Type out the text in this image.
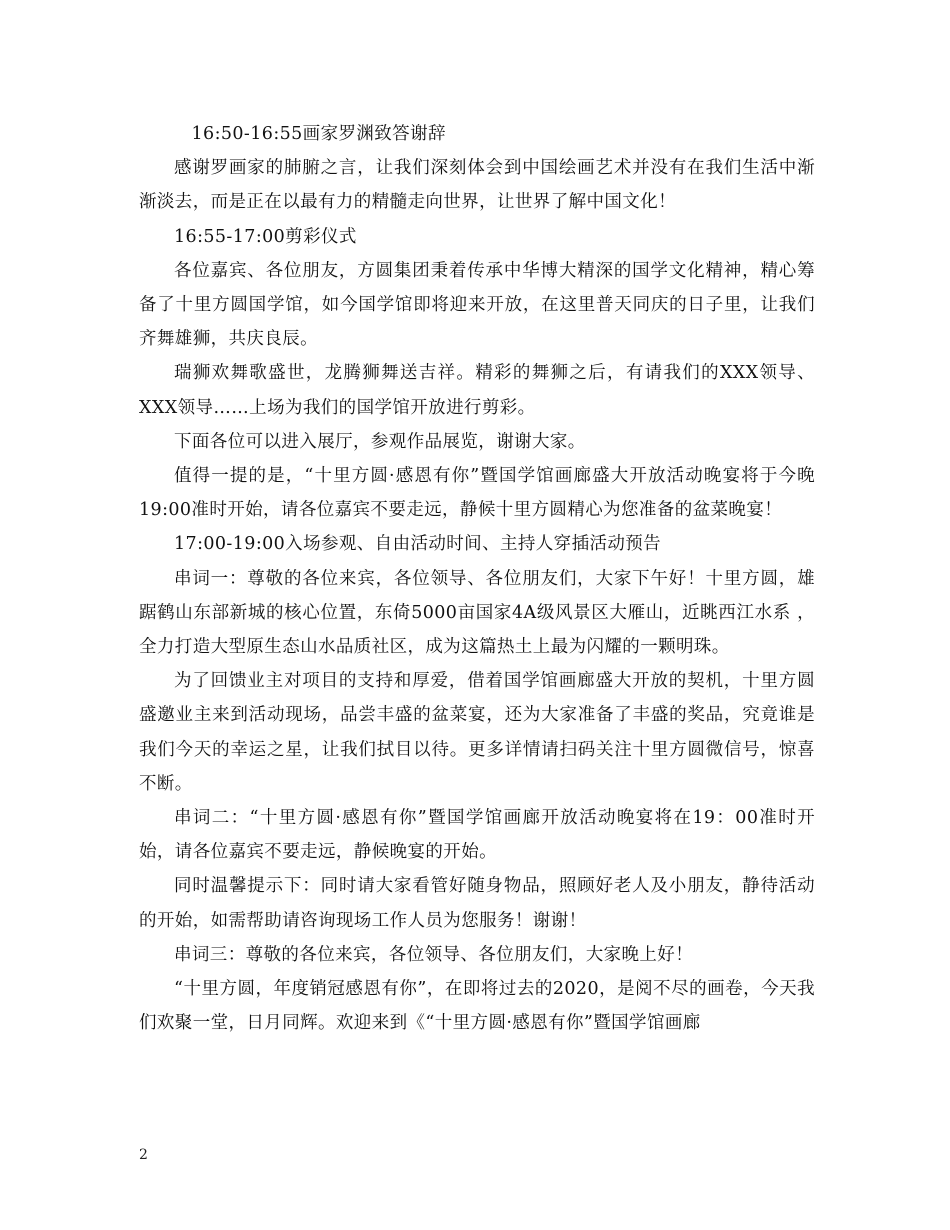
16:50-16:55画家罗渊致答谢辞

感谢罗画家的肺腑之言，让我们深刻体会到中国绘画艺术并没有在我们生活中渐渐淡去，而是正在以最有力的精髓走向世界，让世界了解中国文化！

16:55-17:00剪彩仪式

各位嘉宾、各位朋友，方圆集团秉着传承中华博大精深的国学文化精神，精心筹备了十里方圆国学馆，如今国学馆即将迎来开放，在这里普天同庆的日子里，让我们齐舞雄狮，共庆良辰。

瑞狮欢舞歌盛世，龙腾狮舞送吉祥。精彩的舞狮之后，有请我们的XXX领导、XXX领导……上场为我们的国学馆开放进行剪彩。

下面各位可以进入展厅，参观作品展览，谢谢大家。

值得一提的是，“十里方圆·感恩有你”暨国学馆画廊盛大开放活动晚宴将于今晚19:00准时开始，请各位嘉宾不要走远，静候十里方圆精心为您准备的盆菜晚宴！

17:00-19:00入场参观、自由活动时间、主持人穿插活动预告

串词一：尊敬的各位来宾，各位领导、各位朋友们，大家下午好！十里方圆，雄踞鹤山东部新城的核心位置，东倚5000亩国家4A级风景区大雁山，近眺西江水系 ，全力打造大型原生态山水品质社区，成为这篇热土上最为闪耀的一颗明珠。

为了回馈业主对项目的支持和厚爱，借着国学馆画廊盛大开放的契机，十里方圆盛邀业主来到活动现场，品尝丰盛的盆菜宴，还为大家准备了丰盛的奖品，究竟谁是我们今天的幸运之星，让我们拭目以待。更多详情请扫码关注十里方圆微信号，惊喜不断。

串词二：“十里方圆·感恩有你”暨国学馆画廊开放活动晚宴将在19：00准时开始，请各位嘉宾不要走远，静候晚宴的开始。

同时温馨提示下：同时请大家看管好随身物品，照顾好老人及小朋友，静待活动的开始，如需帮助请咨询现场工作人员为您服务！谢谢！

串词三：尊敬的各位来宾，各位领导、各位朋友们，大家晚上好！

“十里方圆，年度销冠感恩有你”，在即将过去的2020，是阅不尽的画卷，今天我们欢聚一堂，日月同辉。欢迎来到《“十里方圆·感恩有你”暨国学馆画廊

2
